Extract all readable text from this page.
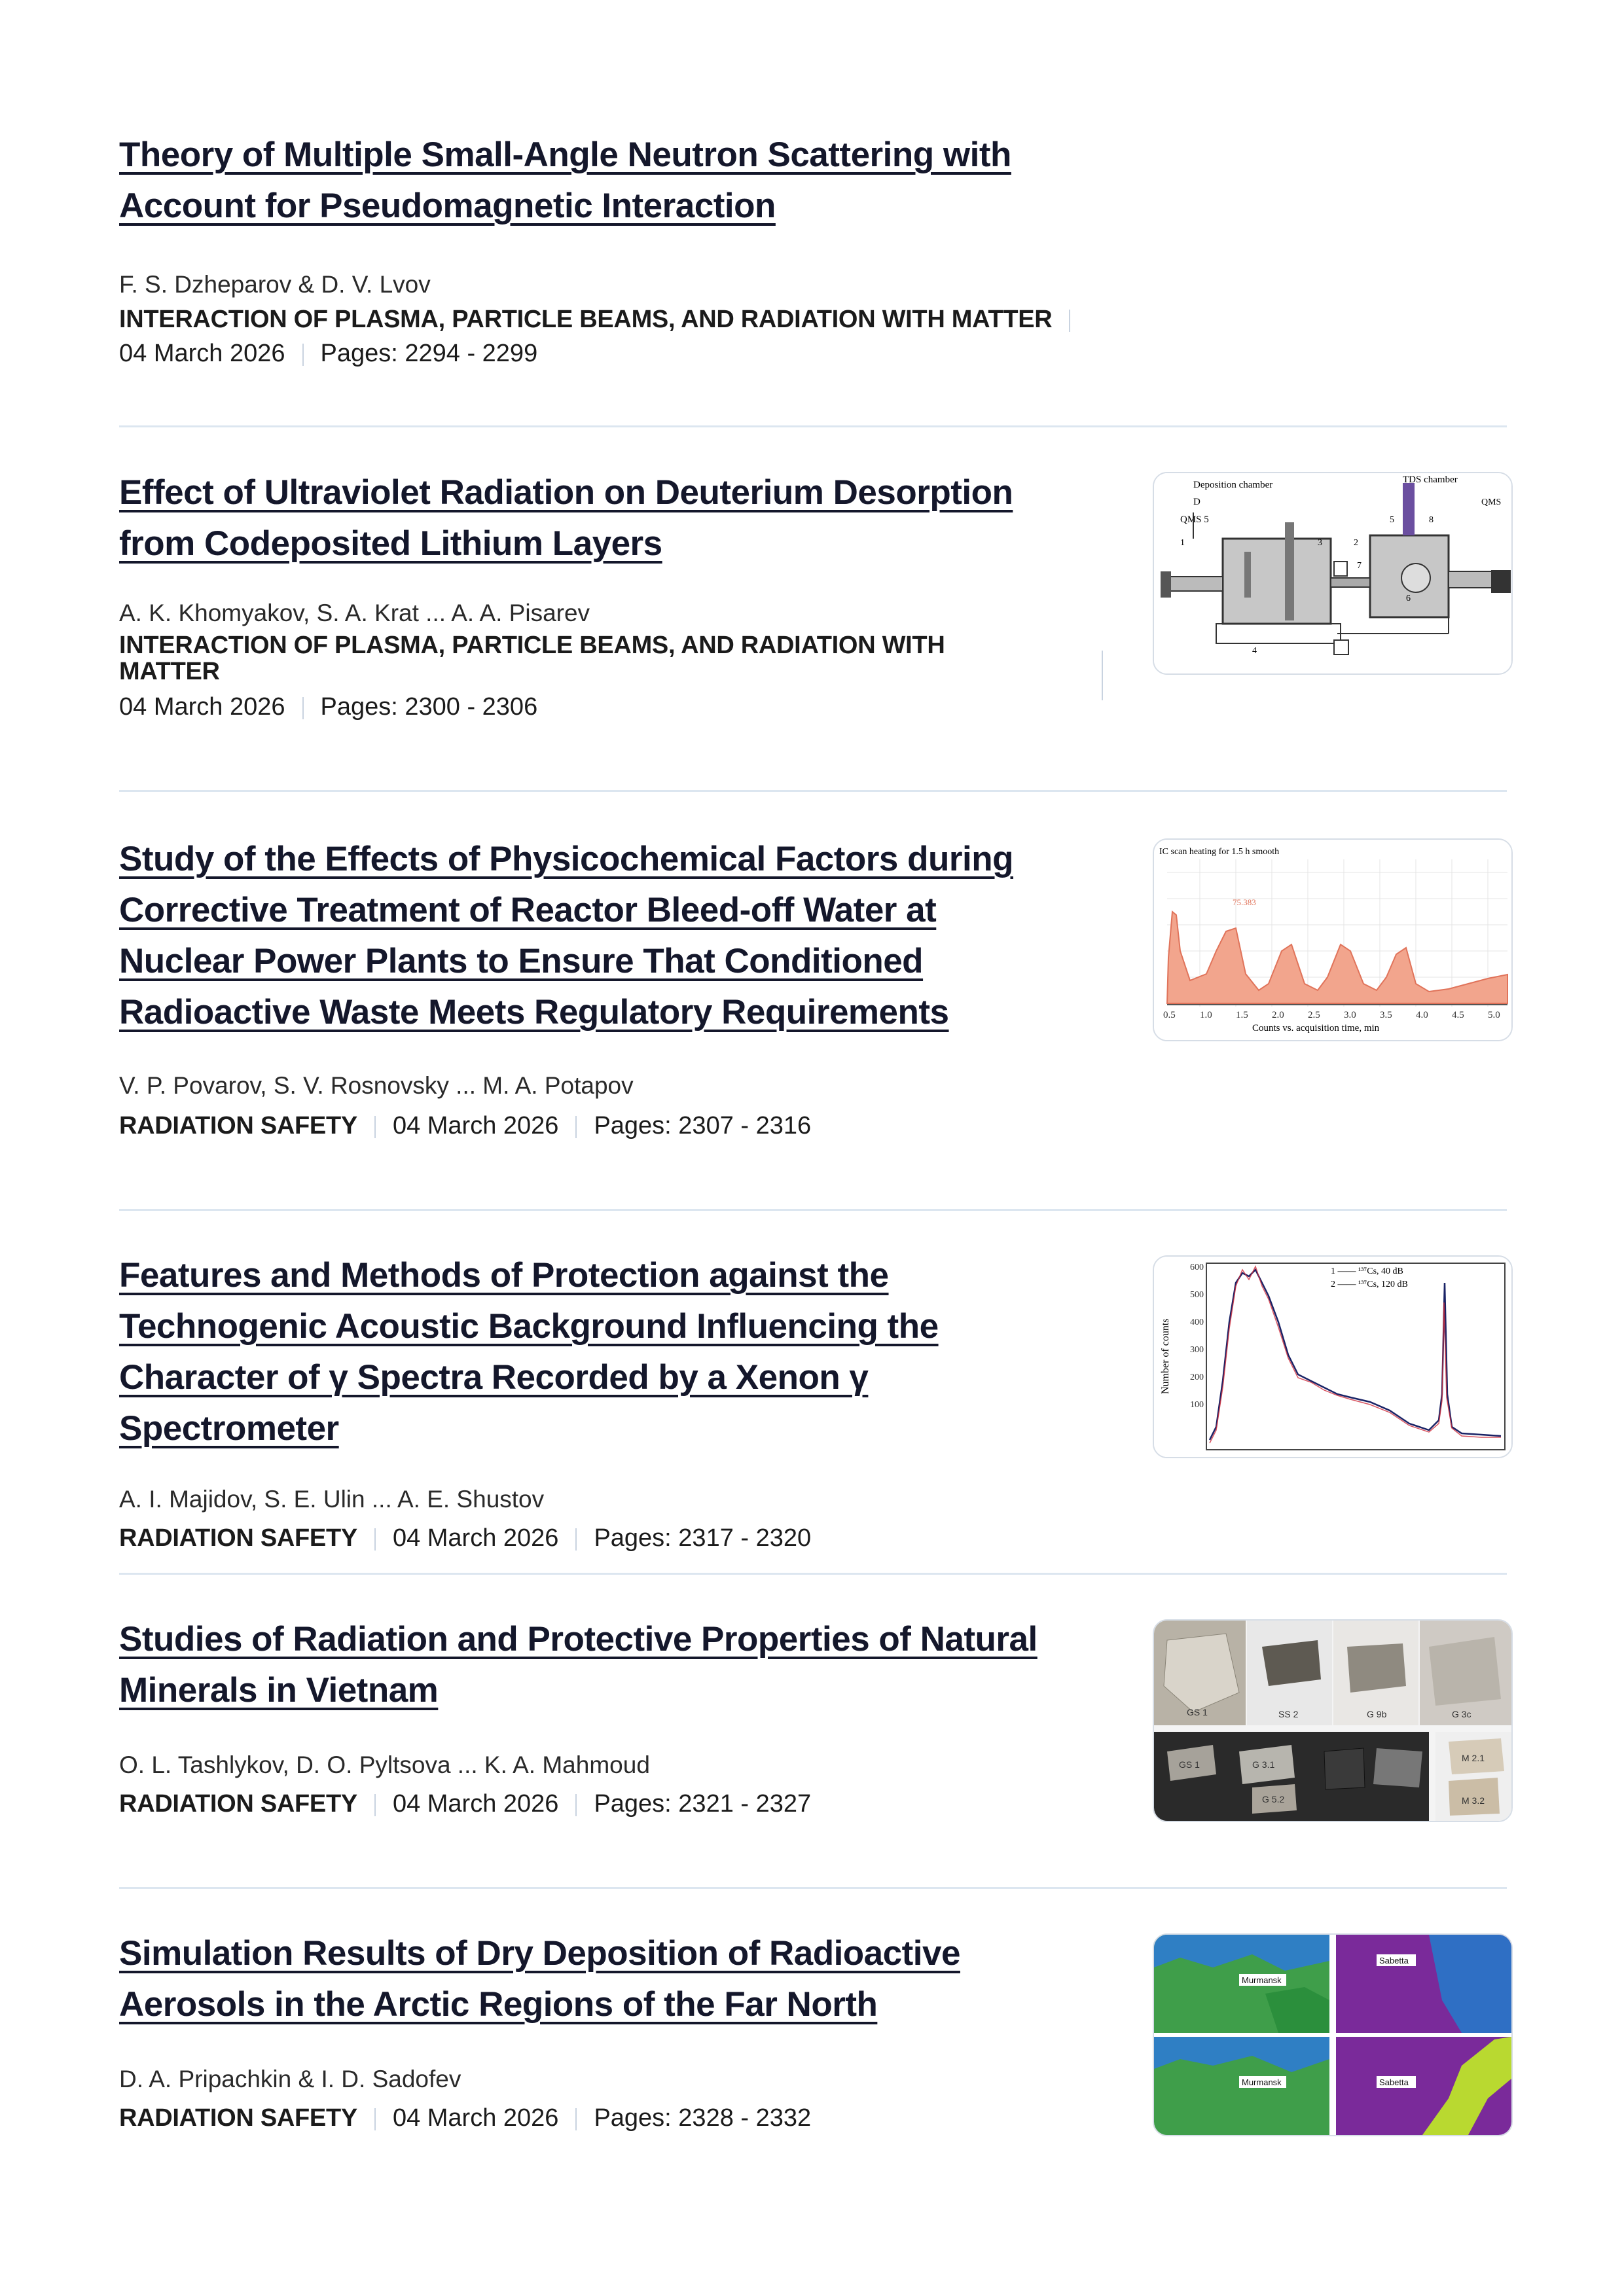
Theory of Multiple Small-Angle Neutron Scattering with
Account for Pseudomagnetic Interaction
F. S. Dzheparov & D. V. Lvov
INTERACTION OF PLASMA, PARTICLE BEAMS, AND RADIATION WITH MATTER
04 March 2026 Pages: 2294 - 2299
Effect of Ultraviolet Radiation on Deuterium Desorption
from Codeposited Lithium Layers
A. K. Khomyakov, S. A. Krat ... A. A. Pisarev
INTERACTION OF PLASMA, PARTICLE BEAMS, AND RADIATION WITH
MATTER
04 March 2026 Pages: 2300 - 2306
Deposition chamber	TDS chamber
QMS
QMS 5
D
1	2
3
4
5
6
7
8
Study of the Effects of Physicochemical Factors during
Corrective Treatment of Reactor Bleed-off Water at
Nuclear Power Plants to Ensure That Conditioned
Radioactive Waste Meets Regulatory Requirements
V. P. Povarov, S. V. Rosnovsky ... M. A. Potapov
RADIATION SAFETY 04 March 2026 Pages: 2307 - 2316
IC scan heating for 1.5 h smooth
75.383
0.5 1.0 1.5 2.0 2.5 3.0 3.5 4.0 4.5 5.0
Counts vs. acquisition time, min
Features and Methods of Protection against the
Technogenic Acoustic Background Influencing the
Character of γ Spectra Recorded by a Xenon γ Spectrometer
A. I. Majidov, S. E. Ulin ... A. E. Shustov
RADIATION SAFETY 04 March 2026 Pages: 2317 - 2320
Number of counts
600
500
400
300
200
100
1 —— ¹³⁷Cs, 40 dB
2 —— ¹³⁷Cs, 120 dB
Studies of Radiation and Protective Properties of Natural
Minerals in Vietnam
O. L. Tashlykov, D. O. Pyltsova ... K. A. Mahmoud
RADIATION SAFETY 04 March 2026 Pages: 2321 - 2327
GS 1	SS 2	G 9b	G 3c
GS 1	G 3.1
G 5.2
M 2.1
M 3.2
Simulation Results of Dry Deposition of Radioactive
Aerosols in the Arctic Regions of the Far North
D. A. Pripachkin & I. D. Sadofev
RADIATION SAFETY 04 March 2026 Pages: 2328 - 2332
Murmansk
Sabetta
Murmansk	Sabetta
